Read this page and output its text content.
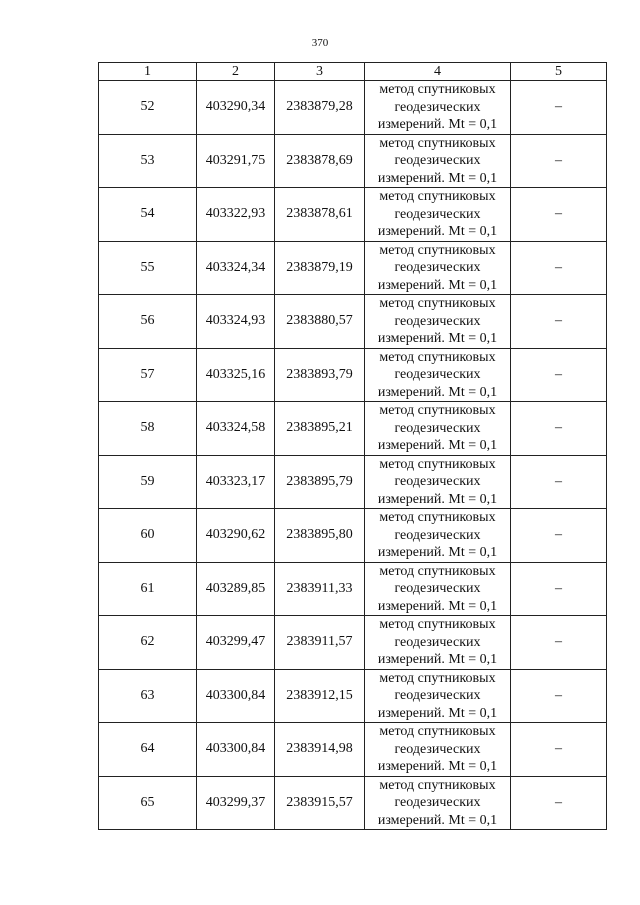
370
1	2	3	4	5
52	403290,34	2383879,28	метод спутниковых
геодезических
измерений. Mt = 0,1	–
53	403291,75	2383878,69	метод спутниковых
геодезических
измерений. Mt = 0,1	–
54	403322,93	2383878,61	метод спутниковых
геодезических
измерений. Mt = 0,1	–
55	403324,34	2383879,19	метод спутниковых
геодезических
измерений. Mt = 0,1	–
56	403324,93	2383880,57	метод спутниковых
геодезических
измерений. Mt = 0,1	–
57	403325,16	2383893,79	метод спутниковых
геодезических
измерений. Mt = 0,1	–
58	403324,58	2383895,21	метод спутниковых
геодезических
измерений. Mt = 0,1	–
59	403323,17	2383895,79	метод спутниковых
геодезических
измерений. Mt = 0,1	–
60	403290,62	2383895,80	метод спутниковых
геодезических
измерений. Mt = 0,1	–
61	403289,85	2383911,33	метод спутниковых
геодезических
измерений. Mt = 0,1	–
62	403299,47	2383911,57	метод спутниковых
геодезических
измерений. Mt = 0,1	–
63	403300,84	2383912,15	метод спутниковых
геодезических
измерений. Mt = 0,1	–
64	403300,84	2383914,98	метод спутниковых
геодезических
измерений. Mt = 0,1	–
65	403299,37	2383915,57	метод спутниковых
геодезических
измерений. Mt = 0,1	–
